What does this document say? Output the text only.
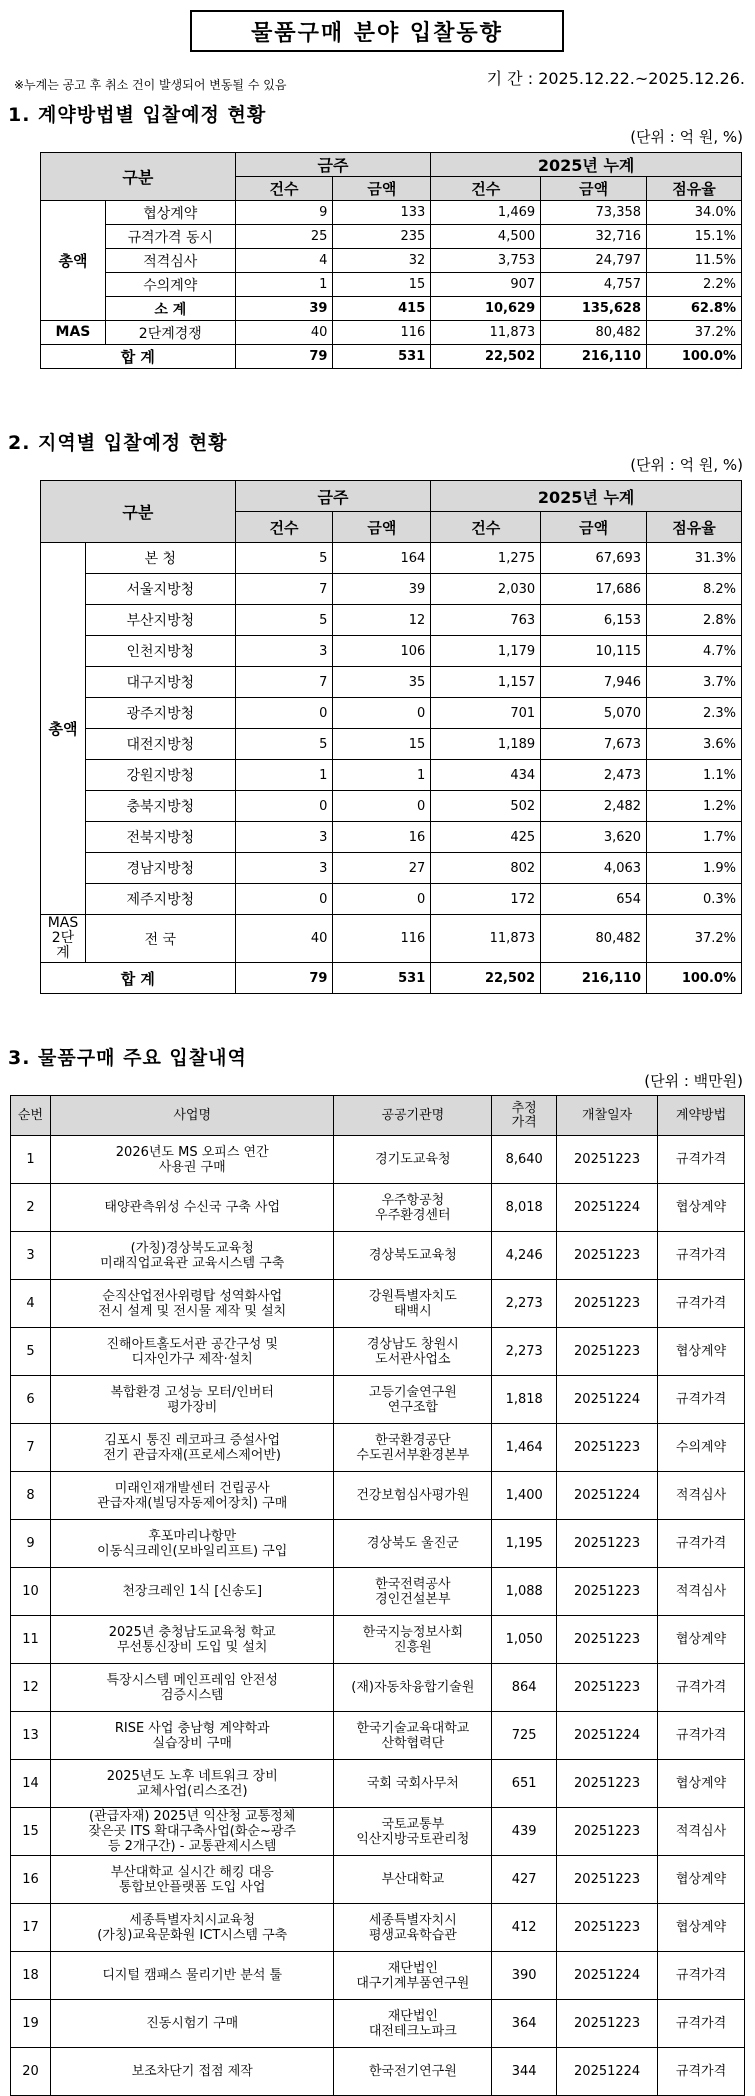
물품구매 분야 입찰동향
※누계는 공고 후 취소 건이 발생되어 변동될 수 있음	기 간 : 2025.12.22.~2025.12.26.
1. 계약방법별 입찰예정 현황
(단위 : 억 원, %)
구분		금주		2025년 누계		
		건수	금액	건수	금액	점유율
총액	협상계약	9	133	1,469	73,358	34.0%
	규격가격 동시	25	235	4,500	32,716	15.1%
	적격심사	4	32	3,753	24,797	11.5%
	수의계약	1	15	907	4,757	2.2%
	소 계	39	415	10,629	135,628	62.8%
MAS	2단계경쟁	40	116	11,873	80,482	37.2%
합 계		79	531	22,502	216,110	100.0%
2. 지역별 입찰예정 현황
(단위 : 억 원, %)
구분		금주		2025년 누계		
		건수	금액	건수	금액	점유율
총액	본 청	5	164	1,275	67,693	31.3%
	서울지방청	7	39	2,030	17,686	8.2%
	부산지방청	5	12	763	6,153	2.8%
	인천지방청	3	106	1,179	10,115	4.7%
	대구지방청	7	35	1,157	7,946	3.7%
	광주지방청	0	0	701	5,070	2.3%
	대전지방청	5	15	1,189	7,673	3.6%
	강원지방청	1	1	434	2,473	1.1%
	충북지방청	0	0	502	2,482	1.2%
	전북지방청	3	16	425	3,620	1.7%
	경남지방청	3	27	802	4,063	1.9%
	제주지방청	0	0	172	654	0.3%
MAS
2단계	전 국	40	116	11,873	80,482	37.2%
합 계		79	531	22,502	216,110	100.0%
3. 물품구매 주요 입찰내역
(단위 : 백만원)
순번	사업명	공공기관명	추정
가격	개찰일자	계약방법
1	2026년도 MS 오피스 연간
사용권 구매	경기도교육청	8,640	20251223	규격가격
2	태양관측위성 수신국 구축 사업	우주항공청
우주환경센터	8,018	20251224	협상계약
3	(가칭)경상북도교육청
미래직업교육관 교육시스템 구축	경상북도교육청	4,246	20251223	규격가격
4	순직산업전사위령탑 성역화사업
전시 설계 및 전시물 제작 및 설치	강원특별자치도
태백시	2,273	20251223	규격가격
5	진해아트홀도서관 공간구성 및
디자인가구 제작·설치	경상남도 창원시
도서관사업소	2,273	20251223	협상계약
6	복합환경 고성능 모터/인버터
평가장비	고등기술연구원
연구조합	1,818	20251224	규격가격
7	김포시 통진 레코파크 증설사업
전기 관급자재(프로세스제어반)	한국환경공단
수도권서부환경본부	1,464	20251223	수의계약
8	미래인재개발센터 건립공사
관급자재(빌딩자동제어장치) 구매	건강보험심사평가원	1,400	20251224	적격심사
9	후포마리나항만
이동식크레인(모바일리프트) 구입	경상북도 울진군	1,195	20251223	규격가격
10	천장크레인 1식 [신송도]	한국전력공사
경인건설본부	1,088	20251223	적격심사
11	2025년 충청남도교육청 학교
무선통신장비 도입 및 설치	한국지능정보사회
진흥원	1,050	20251223	협상계약
12	특장시스템 메인프레임 안전성
검증시스템	(재)자동차융합기술원	864	20251223	규격가격
13	RISE 사업 충남형 계약학과
실습장비 구매	한국기술교육대학교
산학협력단	725	20251224	규격가격
14	2025년도 노후 네트워크 장비
교체사업(리스조건)	국회 국회사무처	651	20251223	협상계약
15	(관급자재) 2025년 익산청 교통정체
잦은곳 ITS 확대구축사업(화순~광주
등 2개구간) - 교통관제시스템	국토교통부
익산지방국토관리청	439	20251223	적격심사
16	부산대학교 실시간 해킹 대응
통합보안플랫폼 도입 사업	부산대학교	427	20251223	협상계약
17	세종특별자치시교육청
(가칭)교육문화원 ICT시스템 구축	세종특별자치시
평생교육학습관	412	20251223	협상계약
18	디지털 캠패스 물리기반 분석 툴	재단법인
대구기계부품연구원	390	20251224	규격가격
19	진동시험기 구매	재단법인
대전테크노파크	364	20251223	규격가격
20	보조차단기 접점 제작	한국전기연구원	344	20251224	규격가격
